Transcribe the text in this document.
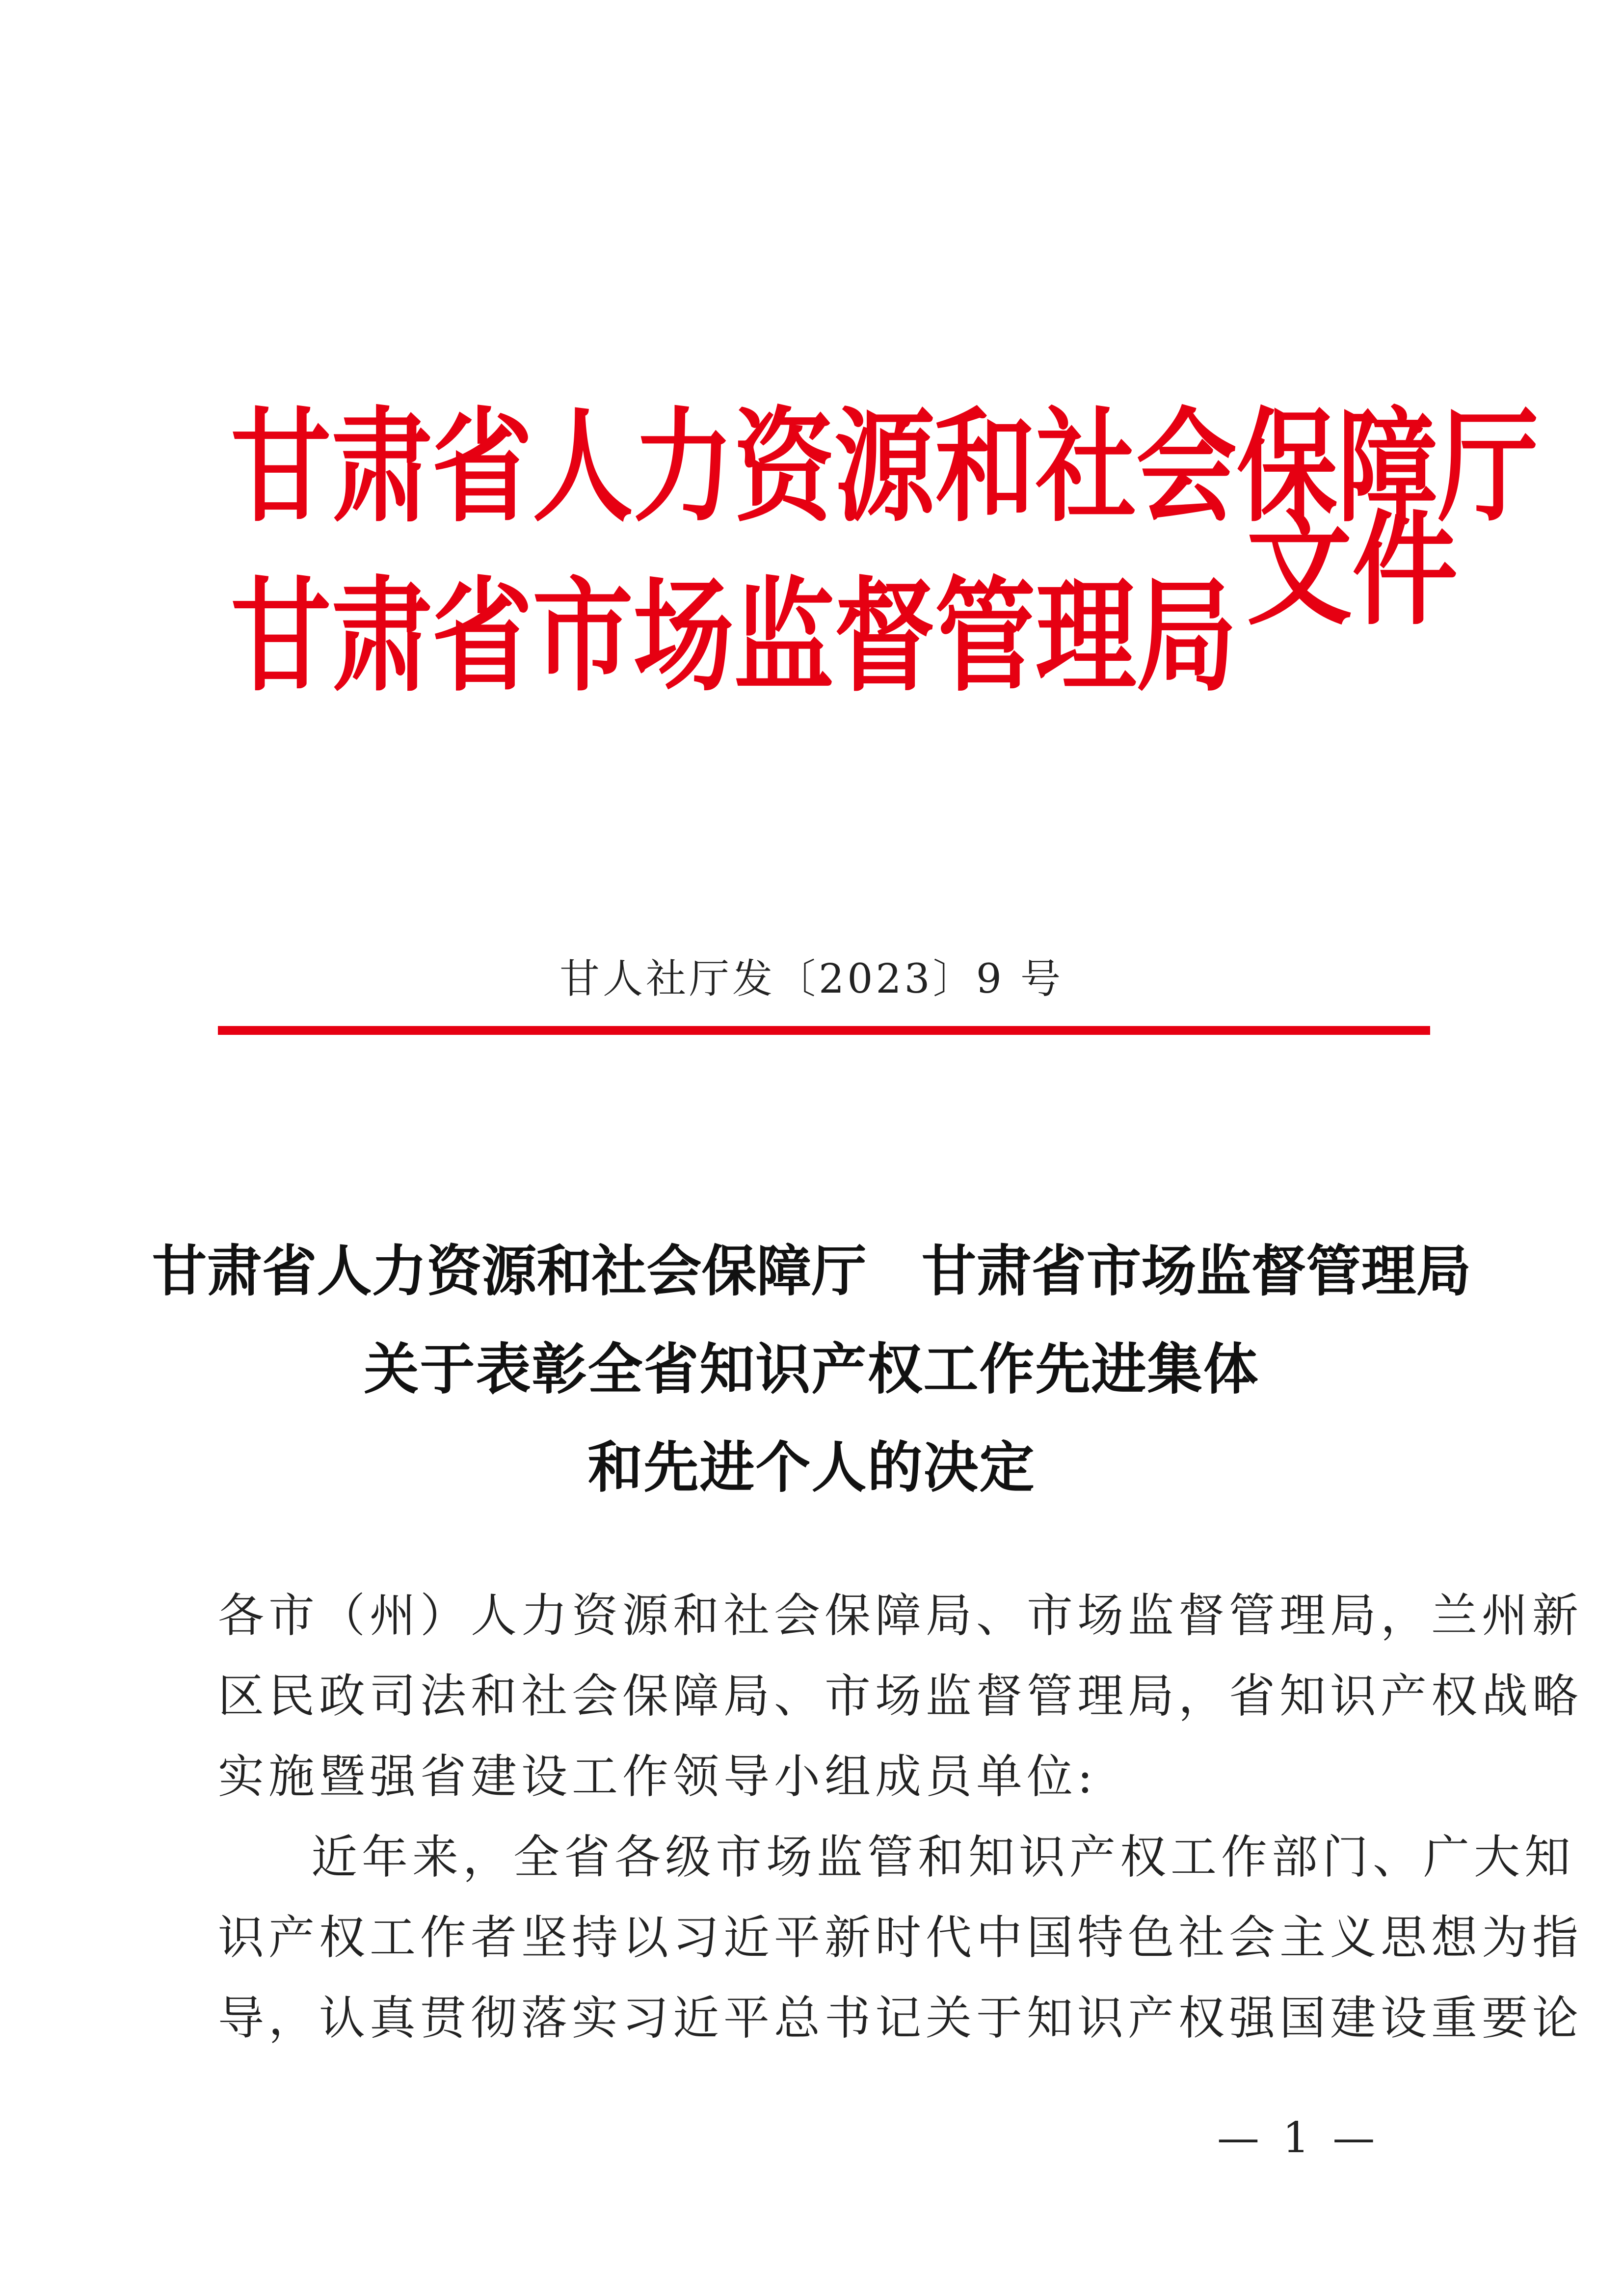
甘肃省人力资源和社会保障厅
甘肃省市场监督管理局 文件
甘人社厅发〔2023〕9 号
甘肃省人力资源和社会保障厅　甘肃省市场监督管理局
关于表彰全省知识产权工作先进集体
和先进个人的决定
各市（州）人力资源和社会保障局、市场监督管理局，兰州新
区民政司法和社会保障局、市场监督管理局，省知识产权战略
实施暨强省建设工作领导小组成员单位:
近年来，全省各级市场监管和知识产权工作部门、广大知
识产权工作者坚持以习近平新时代中国特色社会主义思想为指
导，认真贯彻落实习近平总书记关于知识产权强国建设重要论
— 1 —
